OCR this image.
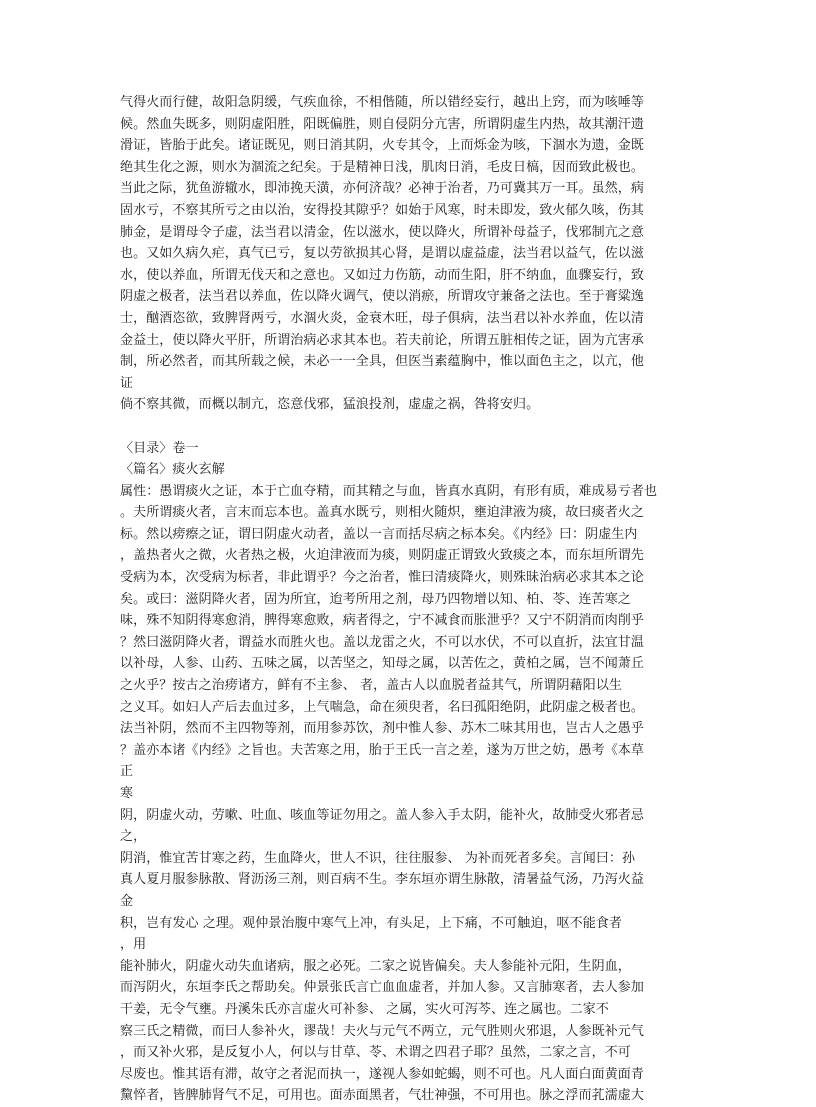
气得火而行健，故阳急阴缓，气疾血徐，不相偕随，所以错经妄行，越出上窍，而为咳唾等
候。然血失既多，则阴虚阳胜，阳既偏胜，则自侵阴分亢害，所谓阴虚生内热，故其潮汗遗
滑证，皆胎于此矣。诸证既见，则日消其阴，火专其令，上而烁金为咳，下涸水为遗，金既
绝其生化之源，则水为涸流之纪矣。于是精神日浅，肌肉日消，毛皮日槁，因而致此极也。
当此之际，犹鱼游辙水，即沛挽天潢，亦何济哉？必神于治者，乃可冀其万一耳。虽然，病
固水亏，不察其所亏之由以治，安得投其隙乎？如始于风寒，时未即发，致火郁久咳，伤其
肺金，是谓母令子虚，法当君以清金，佐以滋水，使以降火，所谓补母益子，伐邪制亢之意
也。又如久病久疟，真气已亏，复以劳欲损其心肾，是谓以虚益虚，法当君以益气，佐以滋
水，使以养血，所谓无伐天和之意也。又如过力伤筋，动而生阳，肝不纳血，血骤妄行，致
阴虚之极者，法当君以养血，佐以降火调气，使以消瘀，所谓攻守兼备之法也。至于膏粱逸
士，酗酒恣欲，致脾肾两亏，水涸火炎，金衰木旺，母子俱病，法当君以补水养血，佐以清
金益土，使以降火平肝，所谓治病必求其本也。若夫前论，所谓五脏相传之证，固为亢害承
制，所必然者，而其所载之候，未必一一全具，但医当素蕴胸中，惟以面色主之，以亢，他
证
倘不察其微，而概以制亢，恣意伐邪，猛浪投剂，虚虚之祸，咎将安归。
〈目录〉卷一
〈篇名〉痰火玄解
属性：愚谓痰火之证，本于亡血夺精，而其精之与血，皆真水真阴，有形有质，难成易亏者也
。夫所谓痰火者，言末而忘本也。盖真水既亏，则相火随炽，壅迫津液为痰，故曰痰者火之
标。然以痨瘵之证，谓曰阴虚火动者，盖以一言而括尽病之标本矣。《内经》曰：阴虚生内
，盖热者火之微，火者热之极，火迫津液而为痰，则阴虚正谓致火致痰之本，而东垣所谓先
受病为本，次受病为标者，非此谓乎？今之治者，惟曰清痰降火，则殊昧治病必求其本之论
矣。或曰：滋阴降火者，固为所宜，迨考所用之剂，母乃四物增以知、柏、苓、连苦寒之
味，殊不知阴得寒愈消，脾得寒愈败，病者得之，宁不减食而胀泄乎？又宁不阴消而肉削乎
？然曰滋阴降火者，谓益水而胜火也。盖以龙雷之火，不可以水伏，不可以直折，法宜甘温
以补母，人参、山药、五味之属，以苦坚之，知母之属，以苦佐之，黄柏之属，岂不闻萧丘
之火乎？按古之治痨诸方，鲜有不主参、 者，盖古人以血脱者益其气，所谓阴藉阳以生
之义耳。如妇人产后去血过多，上气喘急，命在须臾者，名曰孤阳绝阴，此阴虚之极者也。
法当补阴，然而不主四物等剂，而用参苏饮，剂中惟人参、苏木二味其用也，岂古人之愚乎
？盖亦本诸《内经》之旨也。夫苦寒之用，胎于王氏一言之差，遂为万世之妨，愚考《本草
正
寒
阴，阴虚火动，劳嗽、吐血、咳血等证勿用之。盖人参入手太阴，能补火，故肺受火邪者忌
之，
阴消，惟宜苦甘寒之药，生血降火，世人不识，往往服参、 为补而死者多矣。言闻曰：孙
真人夏月服参脉散、肾沥汤三剂，则百病不生。李东垣亦谓生脉散，清暑益气汤，乃泻火益
金
积，岂有发心 之理。观仲景治腹中寒气上冲，有头足，上下痛，不可触迫，呕不能食者
，用
能补肺火，阴虚火动失血诸病，服之必死。二家之说皆偏矣。夫人参能补元阳，生阴血，
而泻阴火，东垣李氏之帮助矣。仲景张氏言亡血血虚者，并加人参。又言肺寒者，去人参加
干姜，无令气壅。丹溪朱氏亦言虚火可补参、 之属，实火可泻芩、连之属也。二家不
察三氏之精微，而曰人参补火，谬哉！夫火与元气不两立，元气胜则火邪退，人参既补元气
，而又补火邪，是反复小人，何以与甘草、苓、术谓之四君子耶？虽然，二家之言，不可
尽废也。惟其语有滞，故守之者泥而执一，遂视人参如蛇蝎，则不可也。凡人面白面黄面青
黧悴者，皆脾肺肾气不足，可用也。面赤面黑者，气壮神强，不可用也。脉之浮而芤濡虚大
